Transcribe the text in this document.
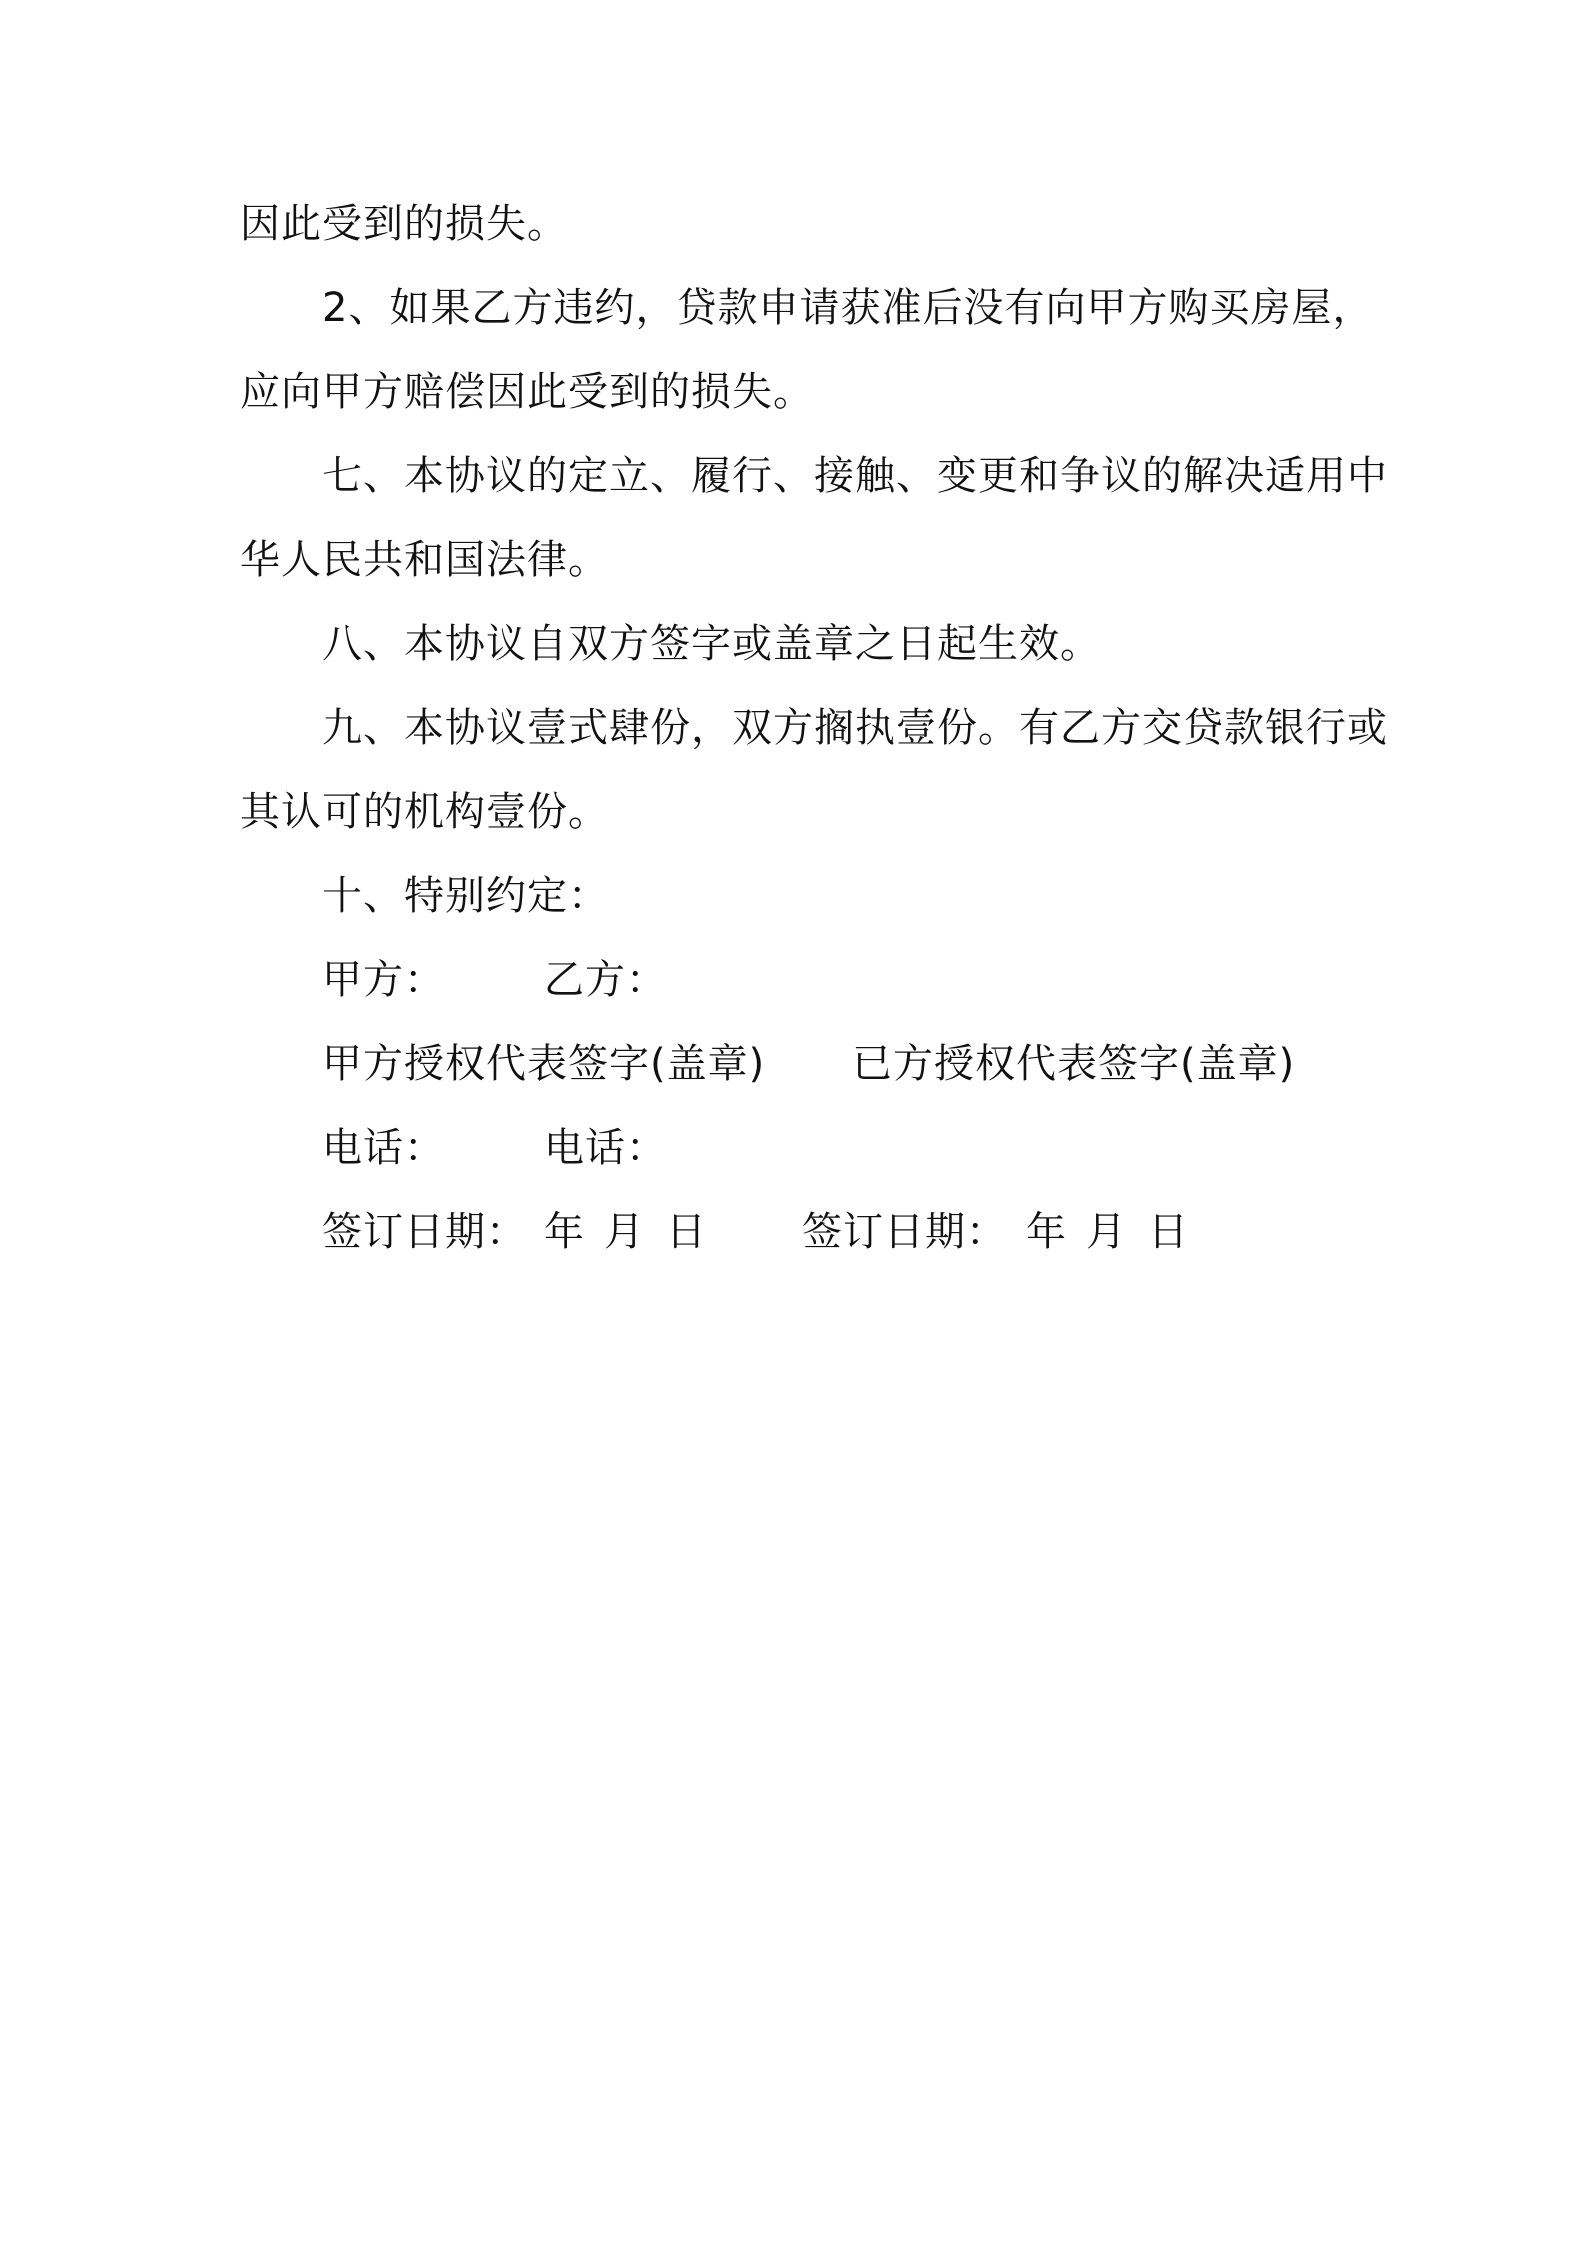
因此受到的损失。
2、如果乙方违约，贷款申请获准后没有向甲方购买房屋，
应向甲方赔偿因此受到的损失。
七、本协议的定立、履行、接触、变更和争议的解决适用中
华人民共和国法律。
八、本协议自双方签字或盖章之日起生效。
九、本协议壹式肆份，双方搁执壹份。有乙方交贷款银行或
其认可的机构壹份。
十、特别约定：
甲方： 乙方：
甲方授权代表签字(盖章) 已方授权代表签字(盖章)
电话： 电话：
签订日期： 年 月 日 签订日期： 年 月 日
